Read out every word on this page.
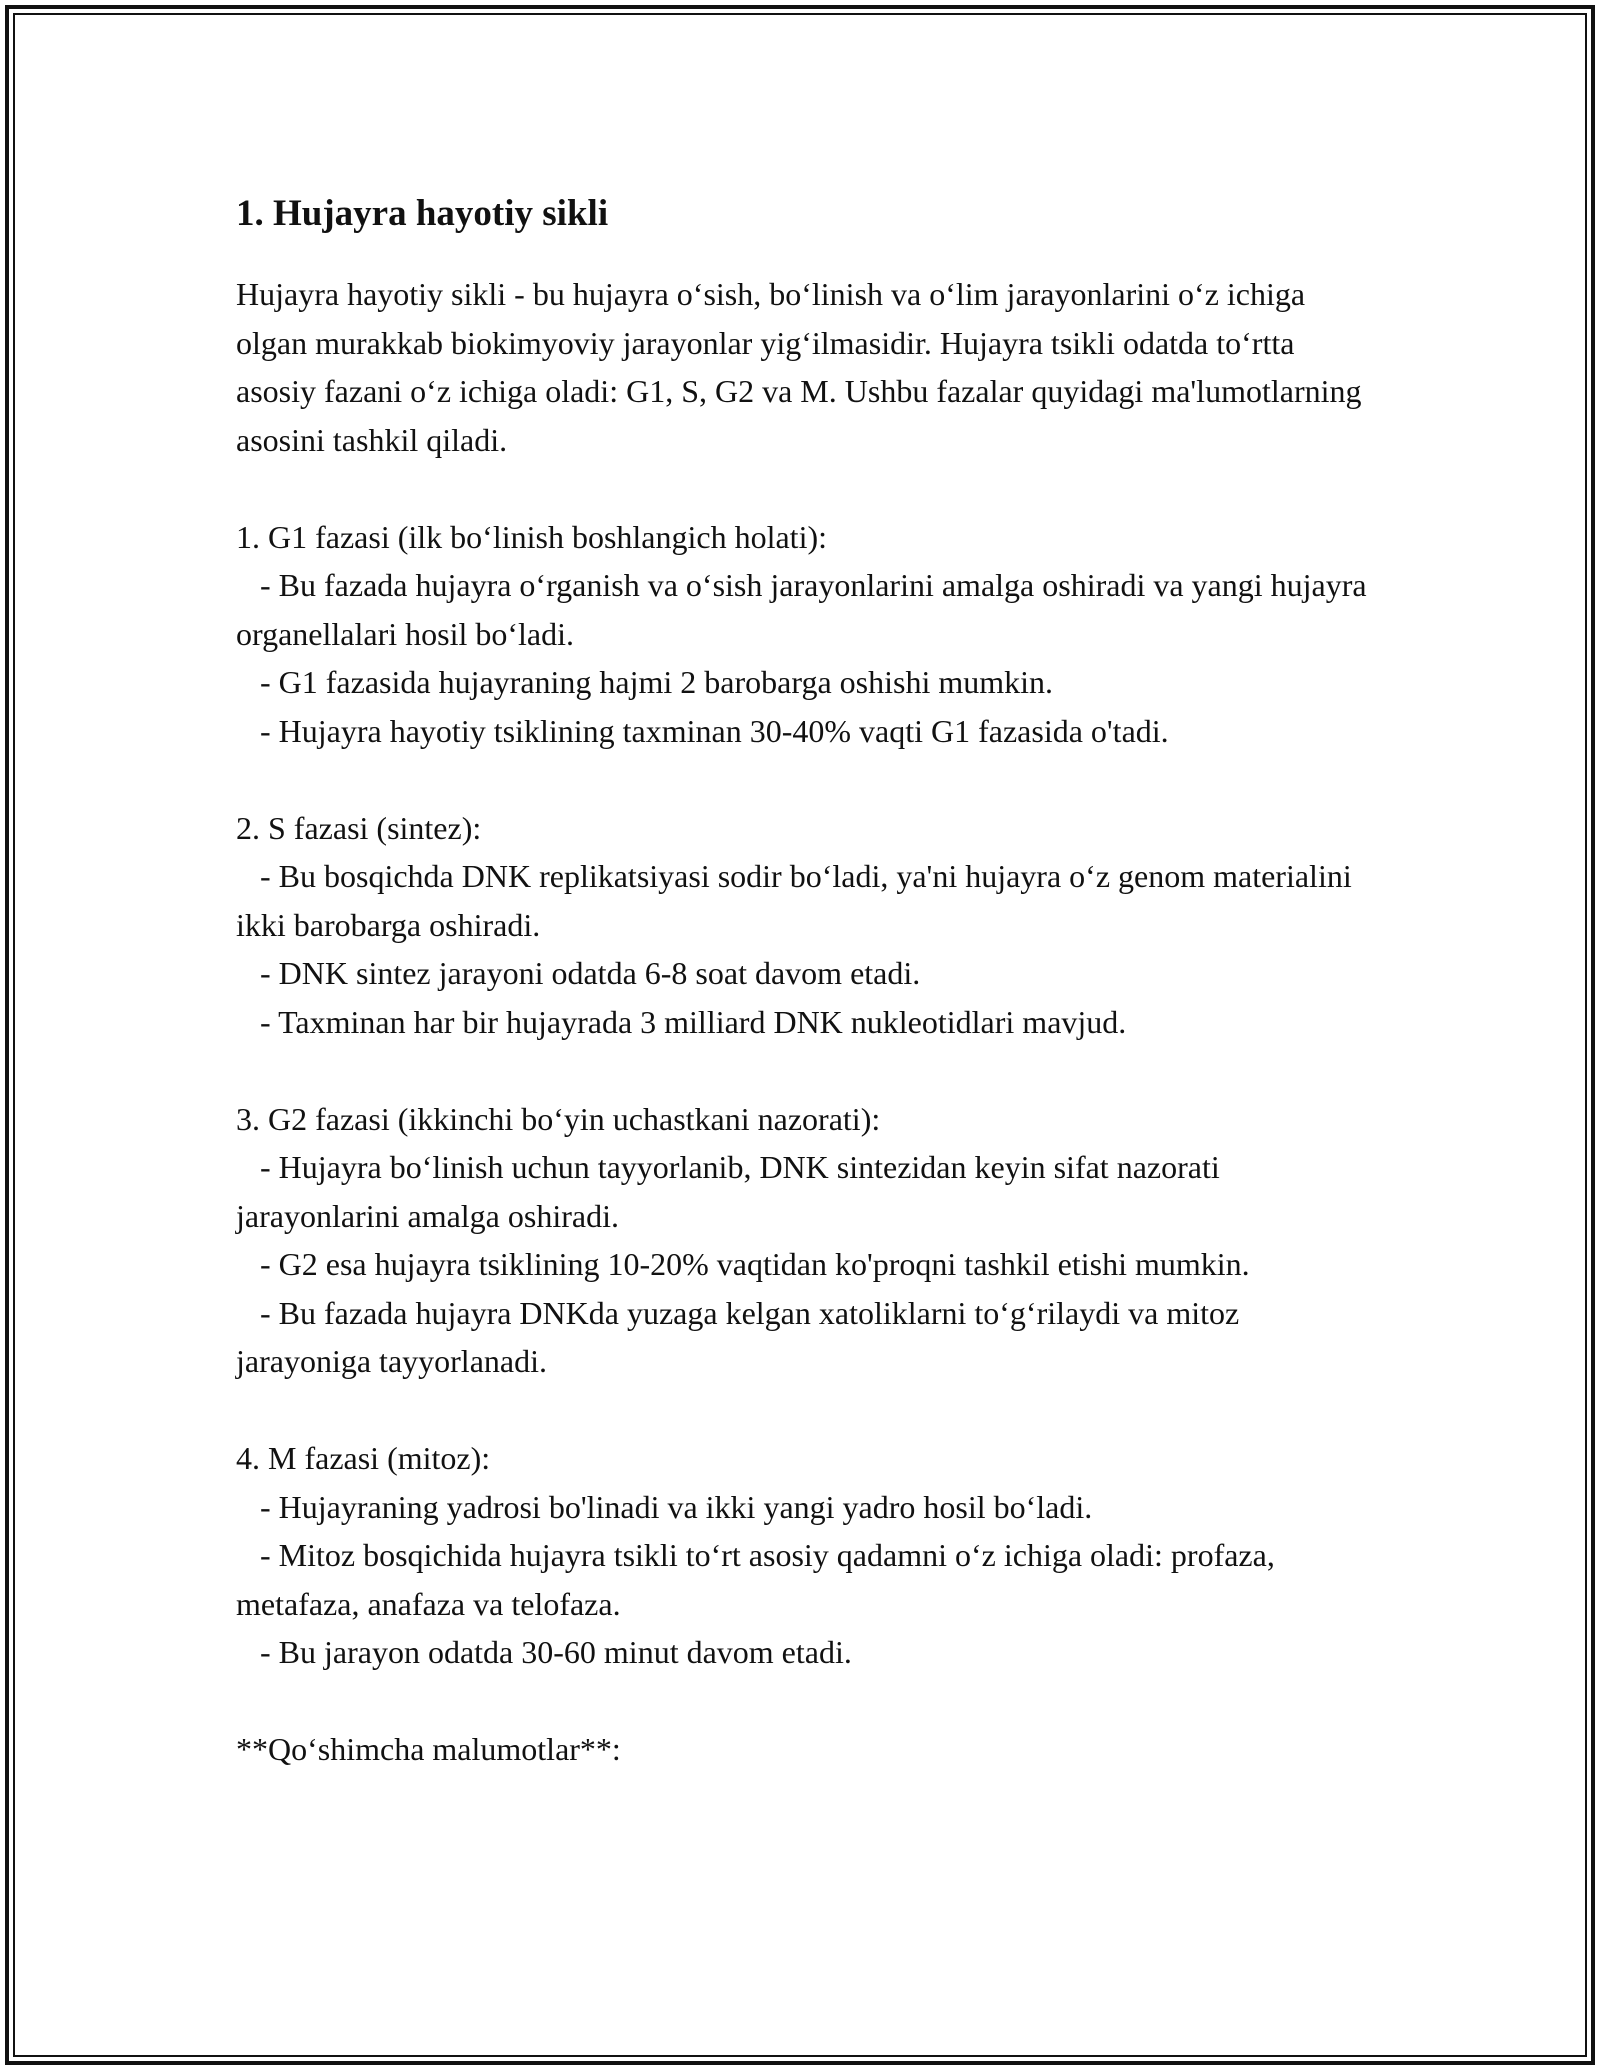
1. Hujayra hayotiy sikli

Hujayra hayotiy sikli - bu hujayra o‘sish, bo‘linish va o‘lim jarayonlarini o‘z ichiga olgan murakkab biokimyoviy jarayonlar yig‘ilmasidir. Hujayra tsikli odatda to‘rtta asosiy fazani o‘z ichiga oladi: G1, S, G2 va M. Ushbu fazalar quyidagi ma'lumotlarning asosini tashkil qiladi.

1. G1 fazasi (ilk bo‘linish boshlangich holati):

- Bu fazada hujayra o‘rganish va o‘sish jarayonlarini amalga oshiradi va yangi hujayra organellalari hosil bo‘ladi.

- G1 fazasida hujayraning hajmi 2 barobarga oshishi mumkin.

- Hujayra hayotiy tsiklining taxminan 30-40% vaqti G1 fazasida o'tadi.

2. S fazasi (sintez):

- Bu bosqichda DNK replikatsiyasi sodir bo‘ladi, ya'ni hujayra o‘z genom materialini ikki barobarga oshiradi.

- DNK sintez jarayoni odatda 6-8 soat davom etadi.

- Taxminan har bir hujayrada 3 milliard DNK nukleotidlari mavjud.

3. G2 fazasi (ikkinchi bo‘yin uchastkani nazorati):

- Hujayra bo‘linish uchun tayyorlanib, DNK sintezidan keyin sifat nazorati jarayonlarini amalga oshiradi.

- G2 esa hujayra tsiklining 10-20% vaqtidan ko'proqni tashkil etishi mumkin.

- Bu fazada hujayra DNKda yuzaga kelgan xatoliklarni to‘g‘rilaydi va mitoz jarayoniga tayyorlanadi.

4. M fazasi (mitoz):

- Hujayraning yadrosi bo'linadi va ikki yangi yadro hosil bo‘ladi.

- Mitoz bosqichida hujayra tsikli to‘rt asosiy qadamni o‘z ichiga oladi: profaza, metafaza, anafaza va telofaza.

- Bu jarayon odatda 30-60 minut davom etadi.

**Qo‘shimcha malumotlar**:
